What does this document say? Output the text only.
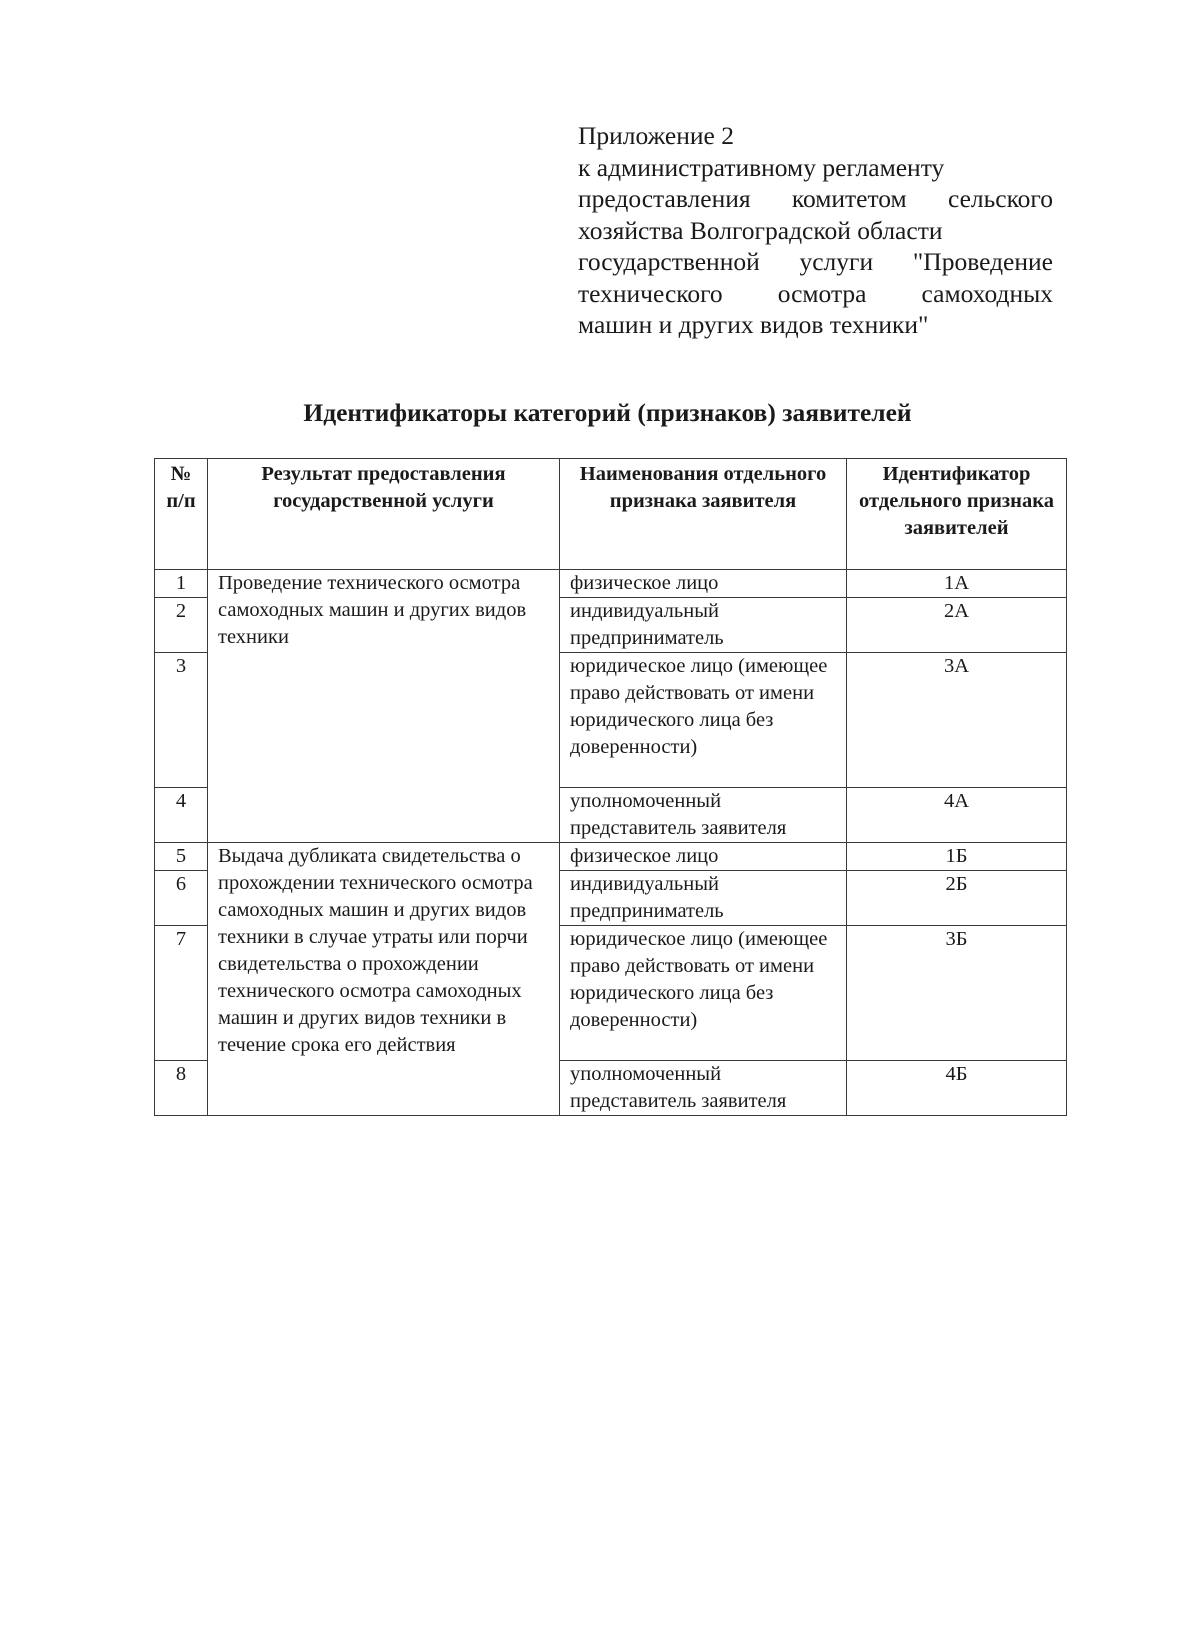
Приложение 2
к административному регламенту
предоставления комитетом сельского
хозяйства Волгоградской области
государственной услуги "Проведение
технического осмотра самоходных
машин и других видов техники"
Идентификаторы категорий (признаков) заявителей
№ п/п	Результат предоставления государственной услуги	Наименования отдельного признака заявителя	Идентификатор отдельного признака заявителей
1	Проведение технического осмотра самоходных машин и других видов техники	физическое лицо	1А
2		индивидуальный предприниматель	2А
3		юридическое лицо (имеющее право действовать от имени юридического лица без доверенности)	3А
4		уполномоченный представитель заявителя	4А
5	Выдача дубликата свидетельства о прохождении технического осмотра самоходных машин и других видов техники в случае утраты или порчи свидетельства о прохождении технического осмотра самоходных машин и других видов техники в течение срока его действия	физическое лицо	1Б
6		индивидуальный предприниматель	2Б
7		юридическое лицо (имеющее право действовать от имени юридического лица без доверенности)	3Б
8		уполномоченный представитель заявителя	4Б
